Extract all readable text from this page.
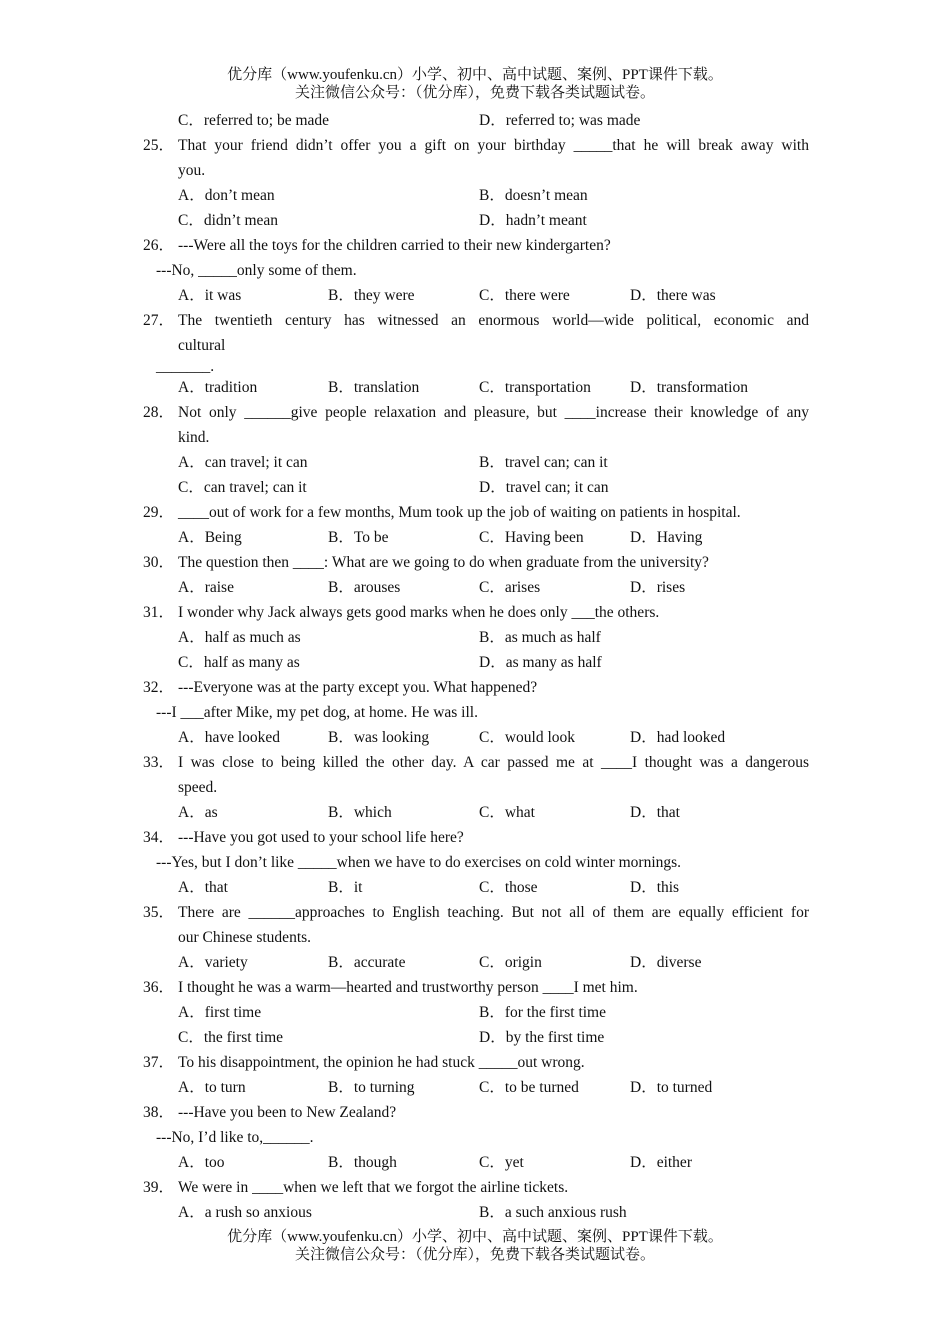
优分库（www.youfenku.cn）小学、初中、高中试题、案例、PPT课件下载。
关注微信公众号：（优分库），免费下载各类试题试卷。
C．referred to; be made	D．referred to; was made
25． That your friend didn’t offer you a gift on your birthday _____that he will break away with
you.
A．don’t mean	B．doesn’t mean
C．didn’t mean	D．hadn’t meant
26． ---Were all the toys for the children carried to their new kindergarten?
---No, _____only some of them.
A．it was	B．they were	C．there were	D．there was
27． The twentieth century has witnessed an enormous world—wide political, economic and
cultural
_______.
A．tradition	B．translation	C．transportation	D．transformation
28． Not only ______give people relaxation and pleasure, but ____increase their knowledge of any
kind.
A．can travel; it can	B．travel can; can it
C．can travel; can it	D．travel can; it can
29． ____out of work for a few months, Mum took up the job of waiting on patients in hospital.
A．Being	B．To be	C．Having been	D．Having
30． The question then ____: What are we going to do when graduate from the university?
A．raise	B．arouses	C．arises	D．rises
31． I wonder why Jack always gets good marks when he does only ___the others.
A．half as much as	B．as much as half
C．half as many as	D．as many as half
32． ---Everyone was at the party except you. What happened?
---I ___after Mike, my pet dog, at home. He was ill.
A．have looked	B．was looking	C．would look	D．had looked
33． I was close to being killed the other day. A car passed me at ____I thought was a dangerous
speed.
A．as	B．which	C．what	D．that
34． ---Have you got used to your school life here?
---Yes, but I don’t like _____when we have to do exercises on cold winter mornings.
A．that	B．it	C．those	D．this
35． There are ______approaches to English teaching. But not all of them are equally efficient for
our Chinese students.
A．variety	B．accurate	C．origin	D．diverse
36． I thought he was a warm—hearted and trustworthy person ____I met him.
A．first time	B．for the first time
C．the first time	D．by the first time
37． To his disappointment, the opinion he had stuck _____out wrong.
A．to turn	B．to turning	C．to be turned	D．to turned
38． ---Have you been to New Zealand?
---No, I’d like to,______.
A．too	B．though	C．yet	D．either
39． We were in ____when we left that we forgot the airline tickets.
A．a rush so anxious	B．a such anxious rush
优分库（www.youfenku.cn）小学、初中、高中试题、案例、PPT课件下载。
关注微信公众号：（优分库），免费下载各类试题试卷。
